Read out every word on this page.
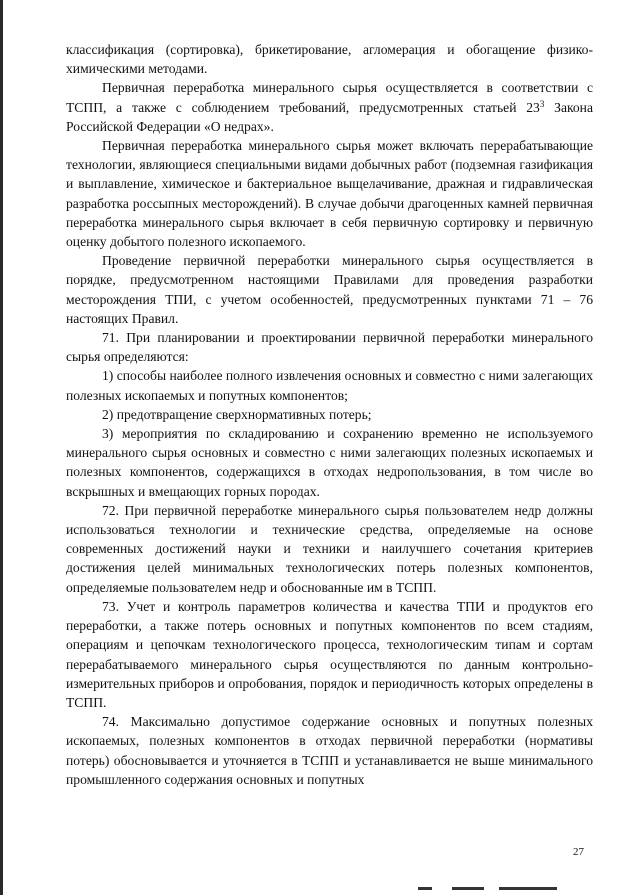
классификация (сортировка), брикетирование, агломерация и обогащение физико-химическими методами.

Первичная переработка минерального сырья осуществляется в соответствии с ТСПП, а также с соблюдением требований, предусмотренных статьей $23^3$ Закона Российской Федерации «О недрах».

Первичная переработка минерального сырья может включать перерабатывающие технологии, являющиеся специальными видами добычных работ (подземная газификация и выплавление, химическое и бактериальное выщелачивание, дражная и гидравлическая разработка россыпных месторождений). В случае добычи драгоценных камней первичная переработка минерального сырья включает в себя первичную сортировку и первичную оценку добытого полезного ископаемого.

Проведение первичной переработки минерального сырья осуществляется в порядке, предусмотренном настоящими Правилами для проведения разработки месторождения ТПИ, с учетом особенностей, предусмотренных пунктами 71 – 76 настоящих Правил.

71. При планировании и проектировании первичной переработки минерального сырья определяются:

1) способы наиболее полного извлечения основных и совместно с ними залегающих полезных ископаемых и попутных компонентов;

2) предотвращение сверхнормативных потерь;

3) мероприятия по складированию и сохранению временно не используемого минерального сырья основных и совместно с ними залегающих полезных ископаемых и полезных компонентов, содержащихся в отходах недропользования, в том числе во вскрышных и вмещающих горных породах.

72. При первичной переработке минерального сырья пользователем недр должны использоваться технологии и технические средства, определяемые на основе современных достижений науки и техники и наилучшего сочетания критериев достижения целей минимальных технологических потерь полезных компонентов, определяемые пользователем недр и обоснованные им в ТСПП.

73. Учет и контроль параметров количества и качества ТПИ и продуктов его переработки, а также потерь основных и попутных компонентов по всем стадиям, операциям и цепочкам технологического процесса, технологическим типам и сортам перерабатываемого минерального сырья осуществляются по данным контрольно-измерительных приборов и опробования, порядок и периодичность которых определены в ТСПП.

74. Максимально допустимое содержание основных и попутных полезных ископаемых, полезных компонентов в отходах первичной переработки (нормативы потерь) обосновывается и уточняется в ТСПП и устанавливается не выше минимального промышленного содержания основных и попутных

27
